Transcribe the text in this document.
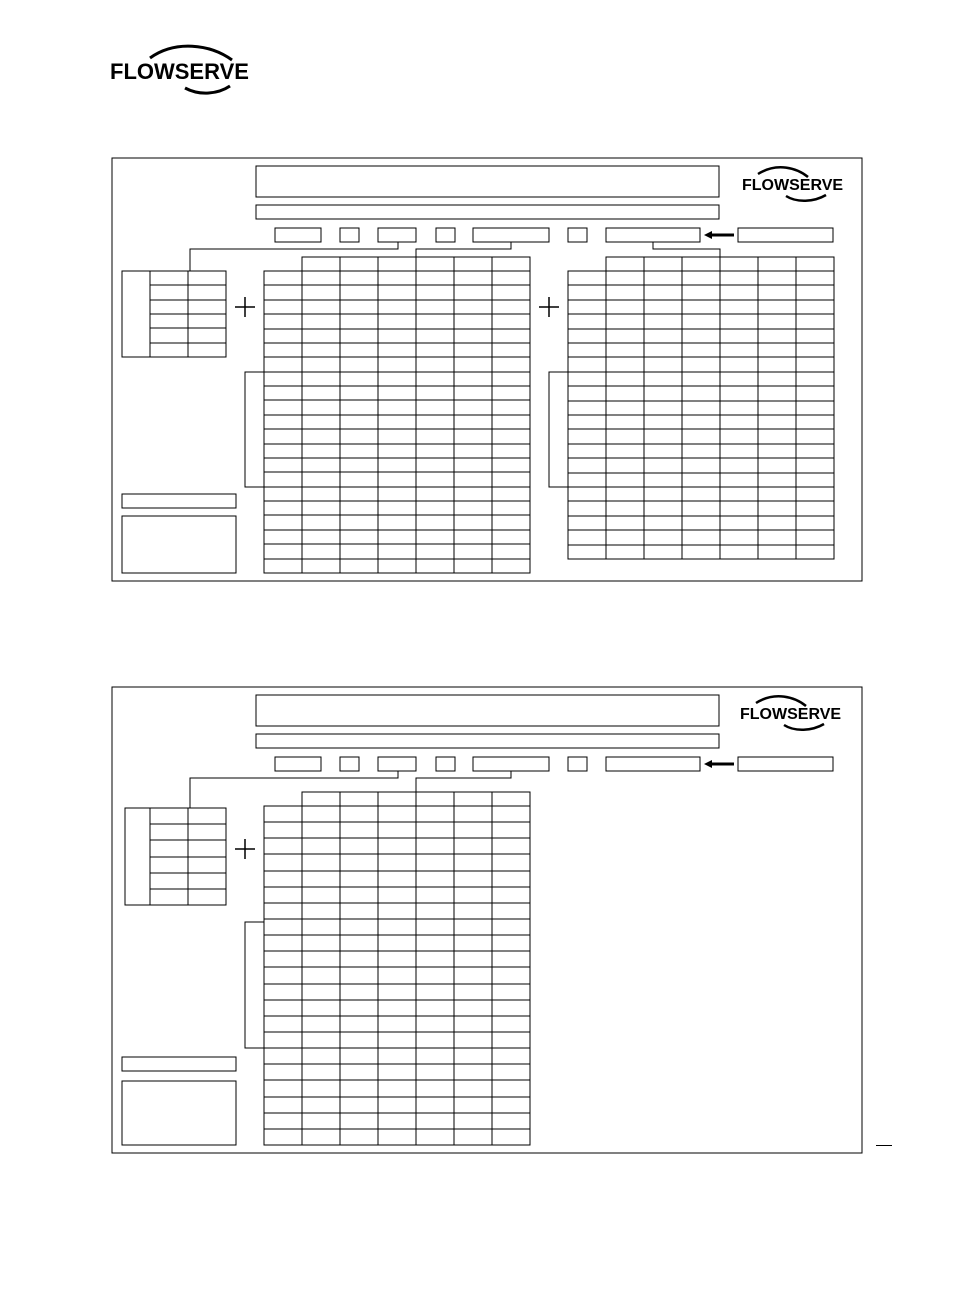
FLOWSERVE
FLOWSERVE
FLOWSERVE
